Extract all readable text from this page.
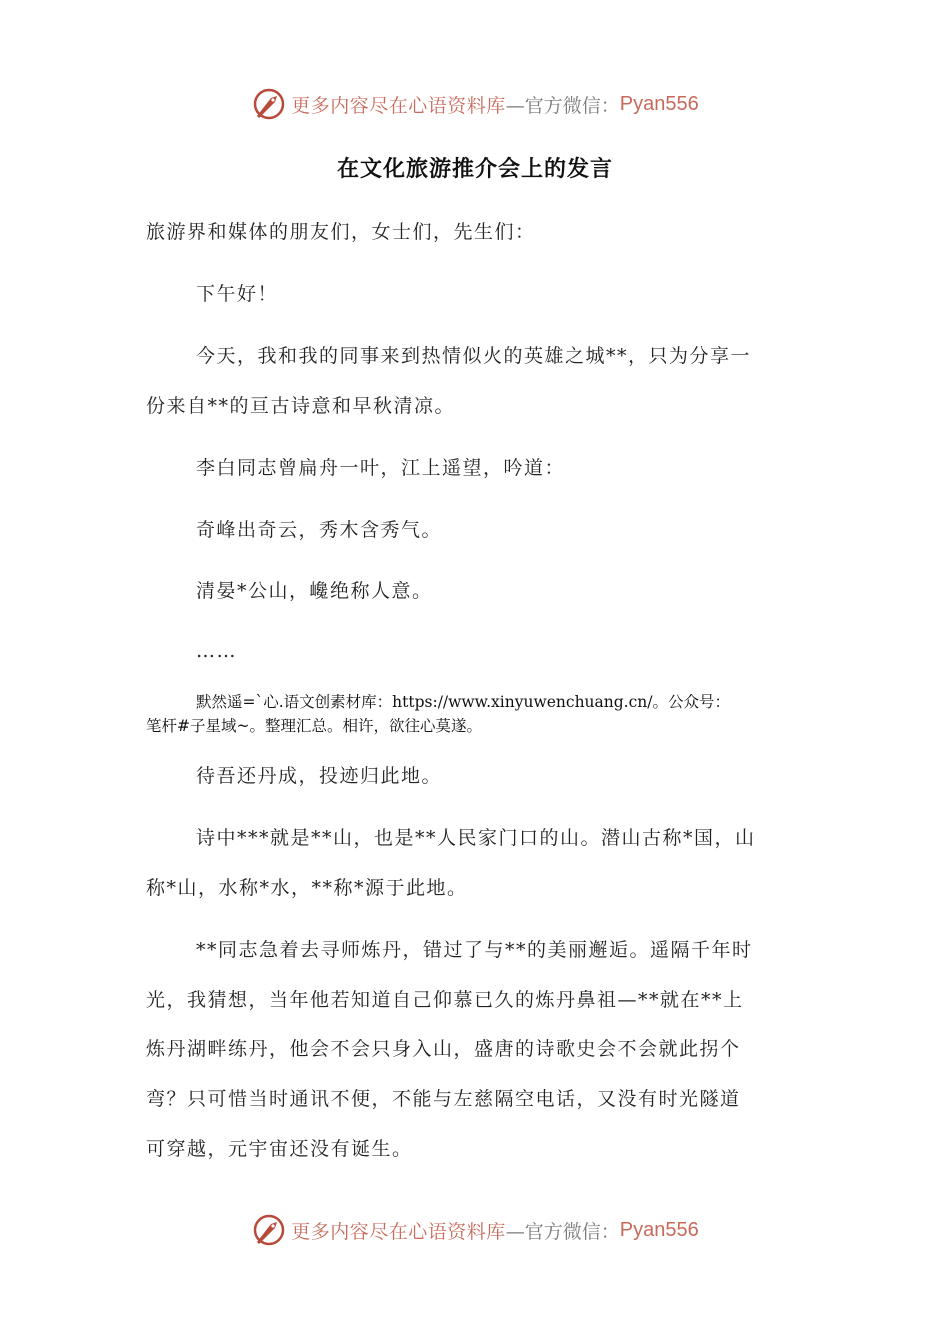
更多内容尽在心语资料库 —官方微信： Pyan556
在文化旅游推介会上的发言
旅游界和媒体的朋友们，女士们，先生们：
下午好！
今天，我和我的同事来到热情似火的英雄之城**，只为分享一
份来自**的亘古诗意和早秋清凉。
李白同志曾扁舟一叶，江上遥望，吟道：
奇峰出奇云，秀木含秀气。
清晏*公山，巉绝称人意。
……
默然遥=`心.语文创素材库：https://www.xinyuwenchuang.cn/。公众号：
笔杆#子星域~。整理汇总。相许，欲往心莫遂。
待吾还丹成，投迹归此地。
诗中***就是**山，也是**人民家门口的山。潜山古称*国，山
称*山，水称*水，**称*源于此地。
**同志急着去寻师炼丹，错过了与**的美丽邂逅。遥隔千年时
光，我猜想，当年他若知道自己仰慕已久的炼丹鼻祖—**就在**上
炼丹湖畔练丹，他会不会只身入山，盛唐的诗歌史会不会就此拐个
弯？只可惜当时通讯不便，不能与左慈隔空电话，又没有时光隧道
可穿越，元宇宙还没有诞生。
更多内容尽在心语资料库 —官方微信： Pyan556
